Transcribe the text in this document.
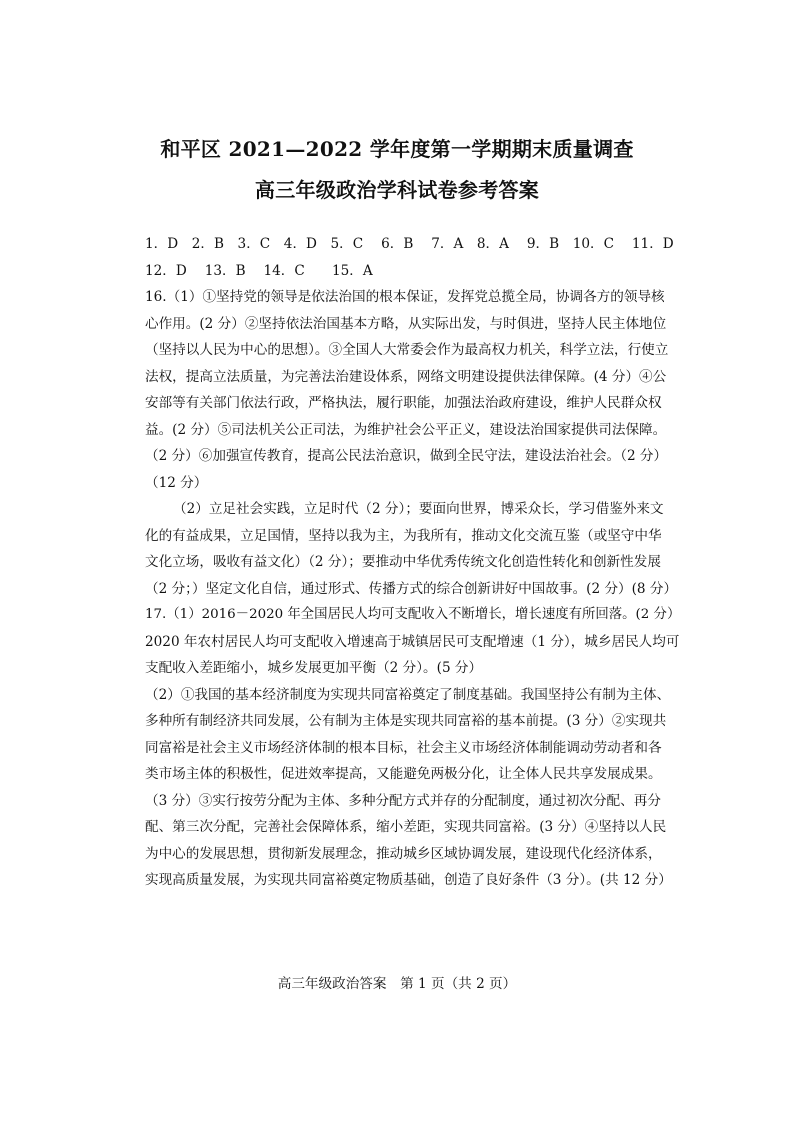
和平区 2021—2022 学年度第一学期期末质量调查
高三年级政治学科试卷参考答案
1．D　2．B　3．C　4．D　5．C　 6．B　 7．A　8．A　 9．B　10．C　 11．D
12．D　 13．B　 14．C　　15．A
16.（1）①坚持党的领导是依法治国的根本保证，发挥党总揽全局，协调各方的领导核
心作用。(2 分）②坚持依法治国基本方略，从实际出发，与时俱进，坚持人民主体地位
（坚持以人民为中心的思想）。③全国人大常委会作为最高权力机关，科学立法，行使立
法权，提高立法质量，为完善法治建设体系，网络文明建设提供法律保障。(4 分）④公
安部等有关部门依法行政，严格执法，履行职能，加强法治政府建设，维护人民群众权
益。(2 分）⑤司法机关公正司法，为维护社会公平正义，建设法治国家提供司法保障。
（2 分）⑥加强宣传教育，提高公民法治意识，做到全民守法，建设法治社会。（2 分）
（12 分）
（2）立足社会实践，立足时代（2 分）；要面向世界，博采众长，学习借鉴外来文
化的有益成果，立足国情，坚持以我为主，为我所有，推动文化交流互鉴（或坚守中华
文化立场，吸收有益文化）（2 分）；要推动中华优秀传统文化创造性转化和创新性发展
（2 分；）坚定文化自信，通过形式、传播方式的综合创新讲好中国故事。(2 分）(8 分）
17.（1）2016－2020 年全国居民人均可支配收入不断增长，增长速度有所回落。(2 分）
2020 年农村居民人均可支配收入增速高于城镇居民可支配增速（1 分），城乡居民人均可
支配收入差距缩小，城乡发展更加平衡（2 分）。(5 分）
（2）①我国的基本经济制度为实现共同富裕奠定了制度基础。我国坚持公有制为主体、
多种所有制经济共同发展，公有制为主体是实现共同富裕的基本前提。(3 分）②实现共
同富裕是社会主义市场经济体制的根本目标，社会主义市场经济体制能调动劳动者和各
类市场主体的积极性，促进效率提高，又能避免两极分化，让全体人民共享发展成果。
（3 分）③实行按劳分配为主体、多种分配方式并存的分配制度，通过初次分配、再分
配、第三次分配，完善社会保障体系，缩小差距，实现共同富裕。(3 分）④坚持以人民
为中心的发展思想，贯彻新发展理念，推动城乡区域协调发展，建设现代化经济体系，
实现高质量发展，为实现共同富裕奠定物质基础，创造了良好条件（3 分）。(共 12 分）
高三年级政治答案　第 1 页（共 2 页）
